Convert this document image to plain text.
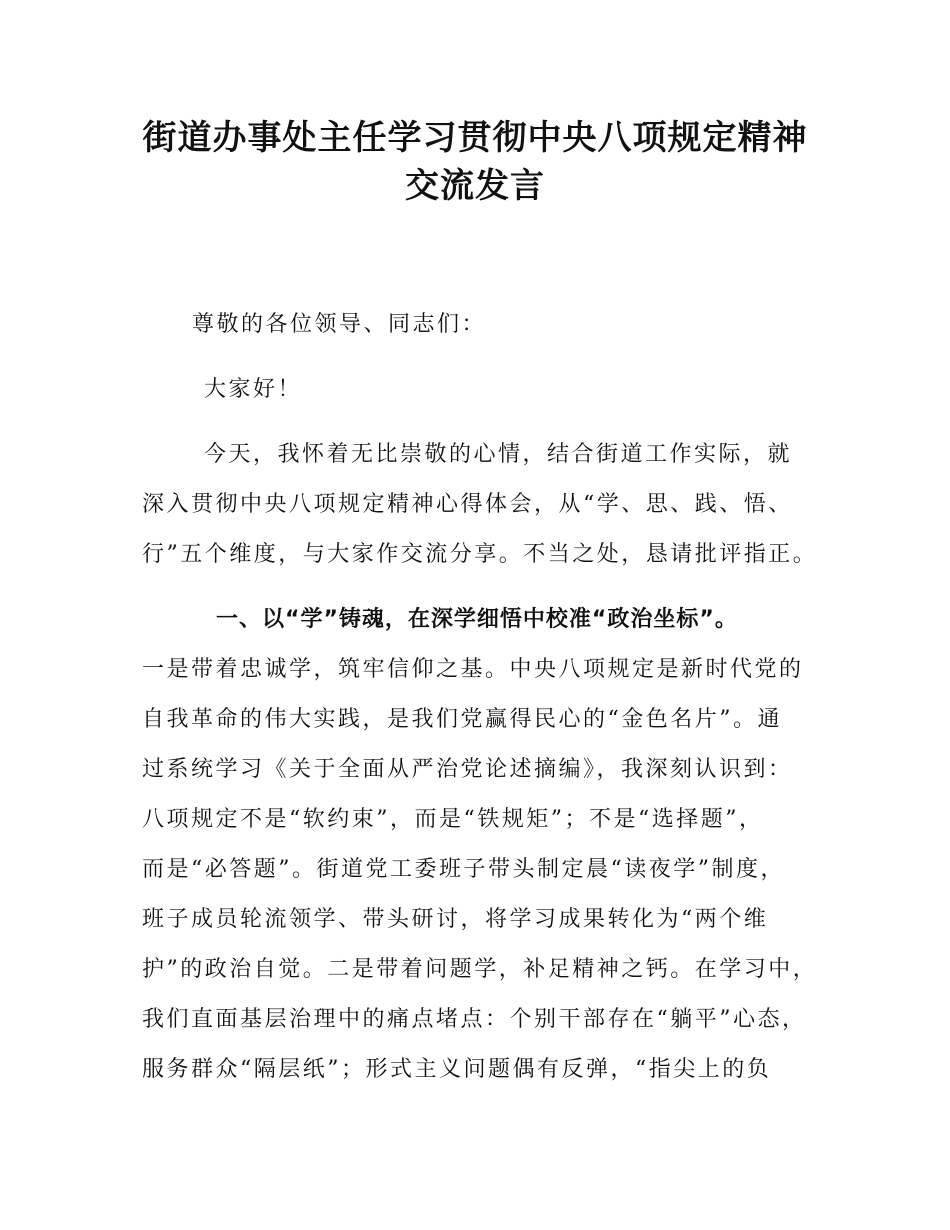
街道办事处主任学习贯彻中央八项规定精神
交流发言
尊敬的各位领导、同志们：
大家好！
今天，我怀着无比崇敬的心情，结合街道工作实际，就
深入贯彻中央八项规定精神心得体会，从“学、思、践、悟、
行”五个维度，与大家作交流分享。不当之处，恳请批评指正。
一、以“学”铸魂，在深学细悟中校准“政治坐标”。
一是带着忠诚学，筑牢信仰之基。中央八项规定是新时代党的
自我革命的伟大实践，是我们党赢得民心的“金色名片”。通
过系统学习《关于全面从严治党论述摘编》，我深刻认识到：
八项规定不是“软约束”，而是“铁规矩”；不是“选择题”，
而是“必答题”。街道党工委班子带头制定晨“读夜学”制度，
班子成员轮流领学、带头研讨，将学习成果转化为“两个维
护”的政治自觉。二是带着问题学，补足精神之钙。在学习中，
我们直面基层治理中的痛点堵点：个别干部存在“躺平”心态，
服务群众“隔层纸”；形式主义问题偶有反弹，“指尖上的负
